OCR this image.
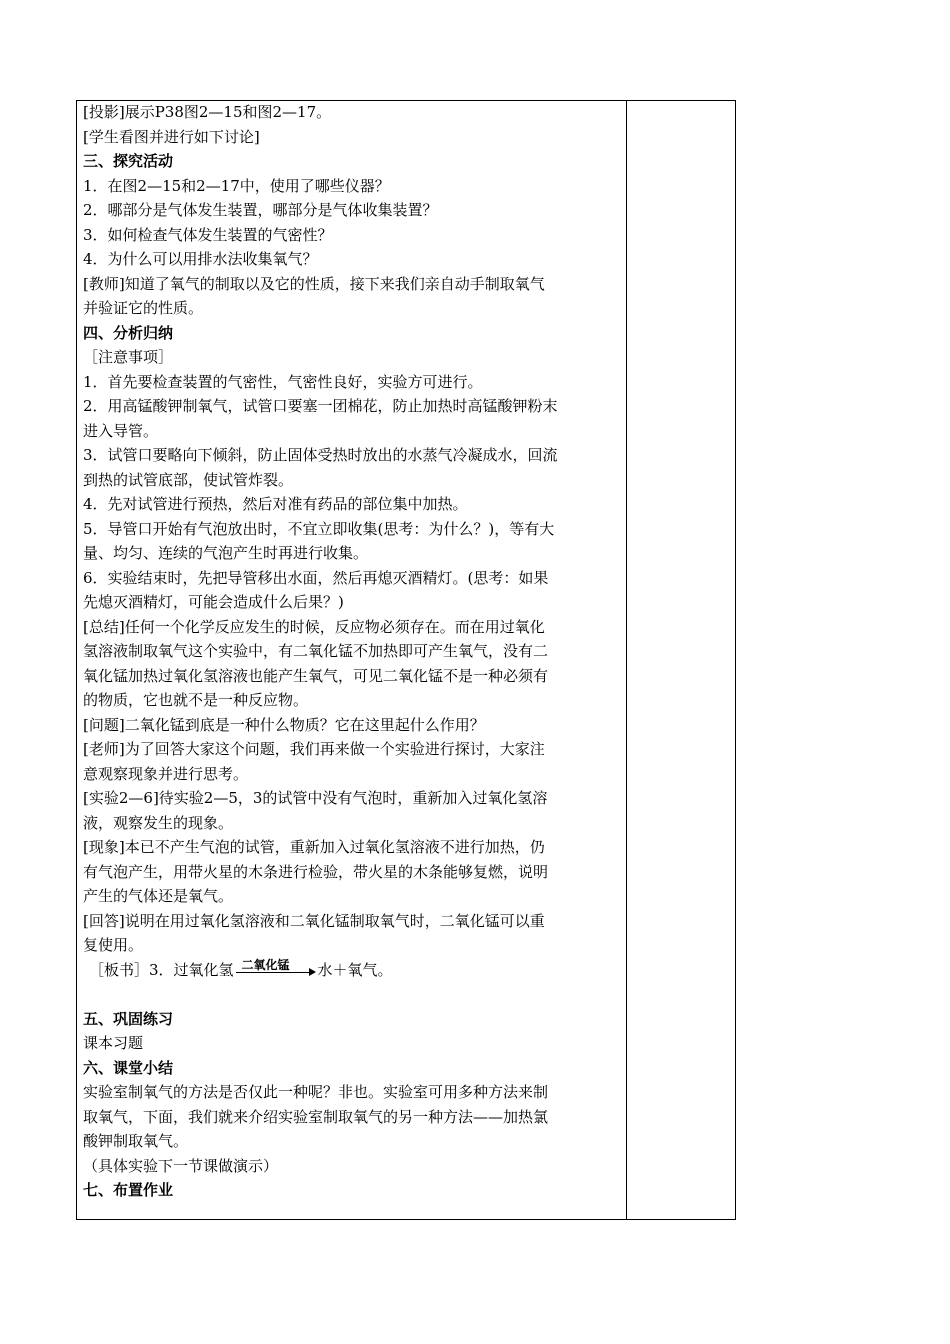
[投影]展示P38图2—15和图2—17。
[学生看图并进行如下讨论]
三、探究活动
1．在图2—15和2—17中，使用了哪些仪器？
2．哪部分是气体发生装置，哪部分是气体收集装置？
3．如何检查气体发生装置的气密性？
4．为什么可以用排水法收集氧气？
[教师]知道了氧气的制取以及它的性质，接下来我们亲自动手制取氧气
并验证它的性质。
四、分析归纳
［注意事项］
1．首先要检查装置的气密性，气密性良好，实验方可进行。
2．用高锰酸钾制氧气，试管口要塞一团棉花，防止加热时高锰酸钾粉末
进入导管。
3．试管口要略向下倾斜，防止固体受热时放出的水蒸气冷凝成水，回流
到热的试管底部，使试管炸裂。
4．先对试管进行预热，然后对准有药品的部位集中加热。
5．导管口开始有气泡放出时，不宜立即收集(思考：为什么？)，等有大
量、均匀、连续的气泡产生时再进行收集。
6．实验结束时，先把导管移出水面，然后再熄灭酒精灯。(思考：如果
先熄灭酒精灯，可能会造成什么后果？)
[总结]任何一个化学反应发生的时候，反应物必须存在。而在用过氧化
氢溶液制取氧气这个实验中，有二氧化锰不加热即可产生氧气，没有二
氧化锰加热过氧化氢溶液也能产生氧气，可见二氧化锰不是一种必须有
的物质，它也就不是一种反应物。
[问题]二氧化锰到底是一种什么物质？它在这里起什么作用？
[老师]为了回答大家这个问题，我们再来做一个实验进行探讨，大家注
意观察现象并进行思考。
[实验2—6]待实验2—5，3的试管中没有气泡时，重新加入过氧化氢溶
液，观察发生的现象。
[现象]本已不产生气泡的试管，重新加入过氧化氢溶液不进行加热，仍
有气泡产生，用带火星的木条进行检验，带火星的木条能够复燃，说明
产生的气体还是氧气。
[回答]说明在用过氧化氢溶液和二氧化锰制取氧气时，二氧化锰可以重
复使用。
［板书］3．过氧化氢 二氧化锰 水＋氧气。
五、巩固练习
课本习题
六、课堂小结
实验室制氧气的方法是否仅此一种呢？非也。实验室可用多种方法来制
取氧气，下面，我们就来介绍实验室制取氧气的另一种方法——加热氯
酸钾制取氧气。
（具体实验下一节课做演示）
七、布置作业
